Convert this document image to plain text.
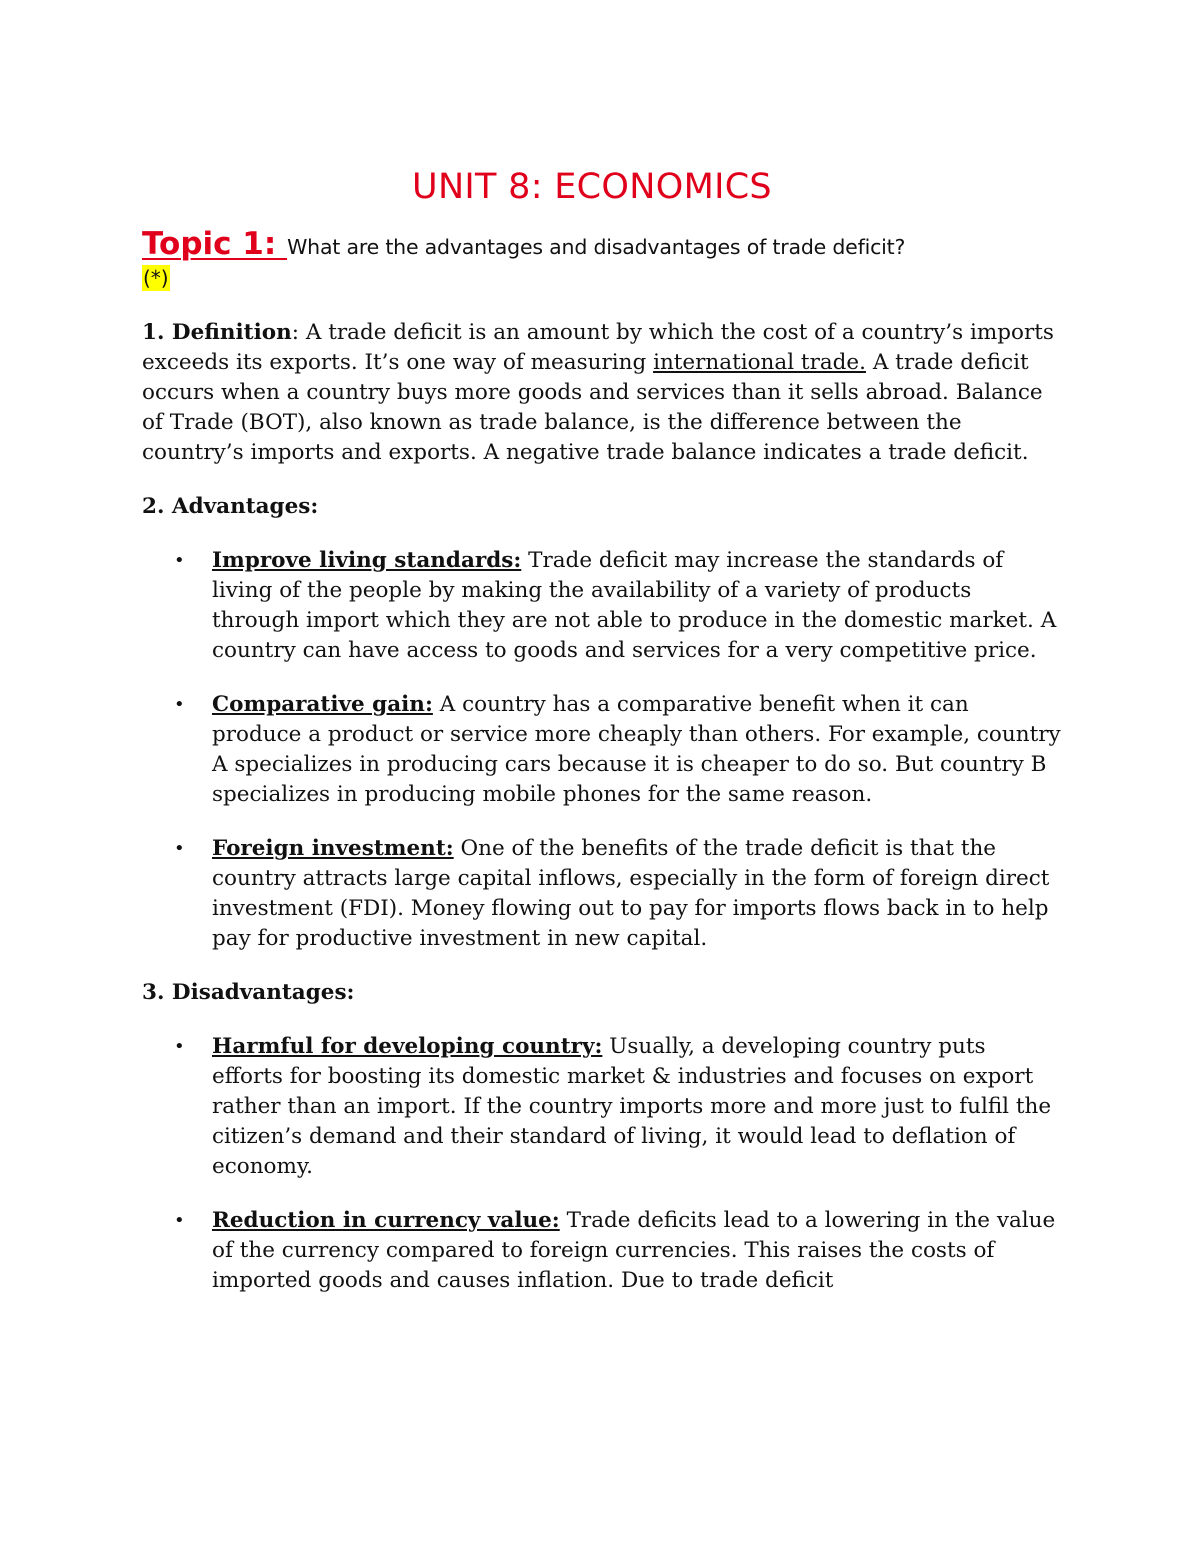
UNIT 8: ECONOMICS

Topic 1: What are the advantages and disadvantages of trade deficit?

(*)

1. Definition: A trade deficit is an amount by which the cost of a country’s imports exceeds its exports. It’s one way of measuring international trade. A trade deficit occurs when a country buys more goods and services than it sells abroad. Balance of Trade (BOT), also known as trade balance, is the difference between the country’s imports and exports. A negative trade balance indicates a trade deficit.

2. Advantages:

• Improve living standards: Trade deficit may increase the standards of living of the people by making the availability of a variety of products through import which they are not able to produce in the domestic market. A country can have access to goods and services for a very competitive price.
• Comparative gain: A country has a comparative benefit when it can produce a product or service more cheaply than others. For example, country A specializes in producing cars because it is cheaper to do so. But country B specializes in producing mobile phones for the same reason.
• Foreign investment: One of the benefits of the trade deficit is that the country attracts large capital inflows, especially in the form of foreign direct investment (FDI). Money flowing out to pay for imports flows back in to help pay for productive investment in new capital.

3. Disadvantages:

• Harmful for developing country: Usually, a developing country puts efforts for boosting its domestic market & industries and focuses on export rather than an import. If the country imports more and more just to fulfil the citizen’s demand and their standard of living, it would lead to deflation of economy.
• Reduction in currency value: Trade deficits lead to a lowering in the value of the currency compared to foreign currencies. This raises the costs of imported goods and causes inflation. Due to trade deficit
